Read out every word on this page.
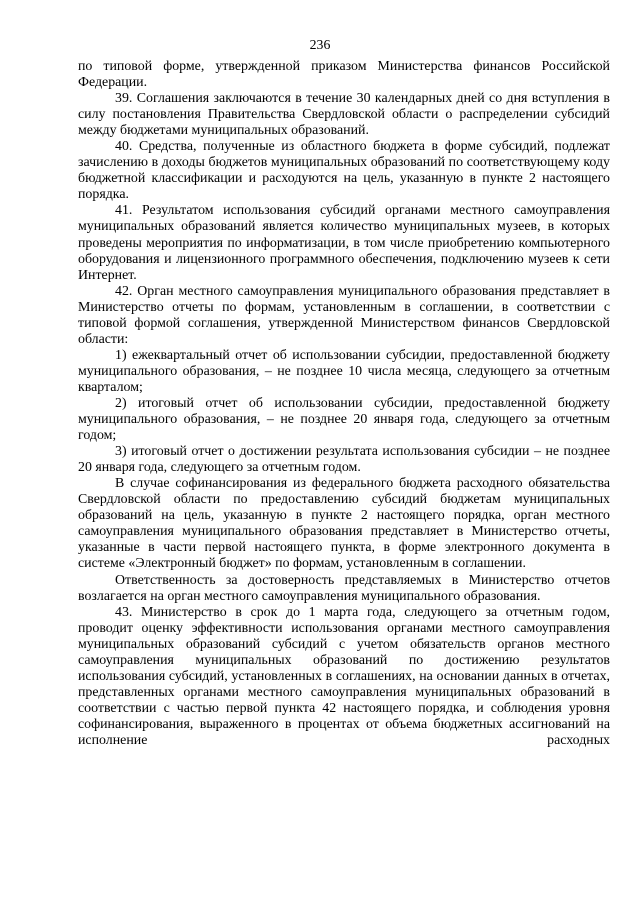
236

по типовой форме, утвержденной приказом Министерства финансов Российской Федерации.

39. Соглашения заключаются в течение 30 календарных дней со дня вступления в силу постановления Правительства Свердловской области о распределении субсидий между бюджетами муниципальных образований.

40. Средства, полученные из областного бюджета в форме субсидий, подлежат зачислению в доходы бюджетов муниципальных образований по соответствующему коду бюджетной классификации и расходуются на цель, указанную в пункте 2 настоящего порядка.

41. Результатом использования субсидий органами местного самоуправления муниципальных образований является количество муниципальных музеев, в которых проведены мероприятия по информатизации, в том числе приобретению компьютерного оборудования и лицензионного программного обеспечения, подключению музеев к сети Интернет.

42. Орган местного самоуправления муниципального образования представляет в Министерство отчеты по формам, установленным в соглашении, в соответствии с типовой формой соглашения, утвержденной Министерством финансов Свердловской области:

1) ежеквартальный отчет об использовании субсидии, предоставленной бюджету муниципального образования, – не позднее 10 числа месяца, следующего за отчетным кварталом;

2) итоговый отчет об использовании субсидии, предоставленной бюджету муниципального образования, – не позднее 20 января года, следующего за отчетным годом;

3) итоговый отчет о достижении результата использования субсидии – не позднее 20 января года, следующего за отчетным годом.

В случае софинансирования из федерального бюджета расходного обязательства Свердловской области по предоставлению субсидий бюджетам муниципальных образований на цель, указанную в пункте 2 настоящего порядка, орган местного самоуправления муниципального образования представляет в Министерство отчеты, указанные в части первой настоящего пункта, в форме электронного документа в системе «Электронный бюджет» по формам, установленным в соглашении.

Ответственность за достоверность представляемых в Министерство отчетов возлагается на орган местного самоуправления муниципального образования.

43. Министерство в срок до 1 марта года, следующего за отчетным годом, проводит оценку эффективности использования органами местного самоуправления муниципальных образований субсидий с учетом обязательств органов местного самоуправления муниципальных образований по достижению результатов использования субсидий, установленных в соглашениях, на основании данных в отчетах, представленных органами местного самоуправления муниципальных образований в соответствии с частью первой пункта 42 настоящего порядка, и соблюдения уровня софинансирования, выраженного в процентах от объема бюджетных ассигнований на исполнение расходных
